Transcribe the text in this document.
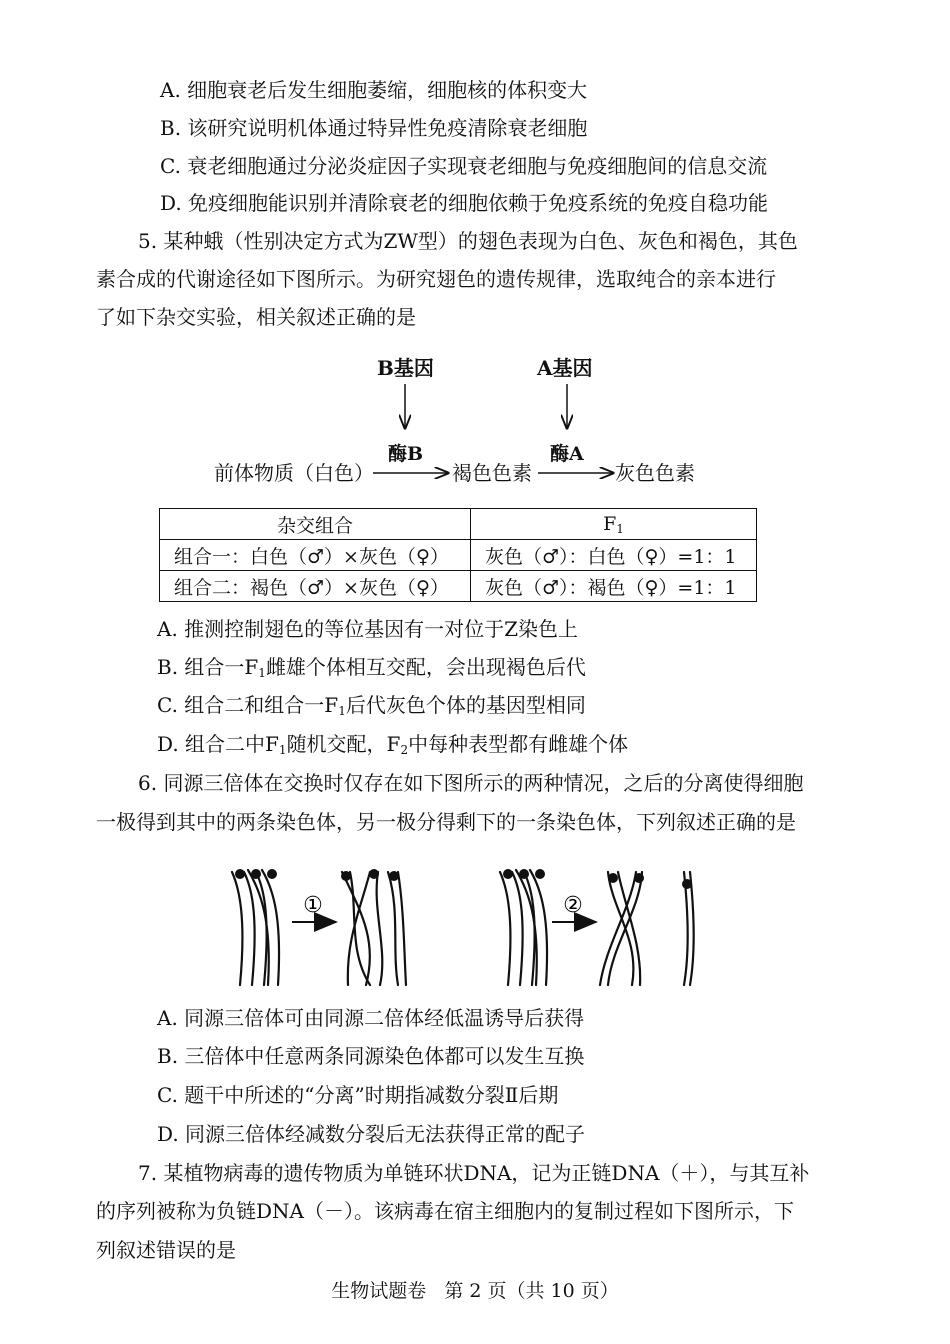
A. 细胞衰老后发生细胞萎缩，细胞核的体积变大
B. 该研究说明机体通过特异性免疫清除衰老细胞
C. 衰老细胞通过分泌炎症因子实现衰老细胞与免疫细胞间的信息交流
D. 免疫细胞能识别并清除衰老的细胞依赖于免疫系统的免疫自稳功能
5. 某种蛾（性别决定方式为ZW型）的翅色表现为白色、灰色和褐色，其色
素合成的代谢途径如下图所示。为研究翅色的遗传规律，选取纯合的亲本进行
了如下杂交实验，相关叙述正确的是
B基因	A基因
酶B	酶A
前体物质（白色）	褐色色素	灰色色素
杂交组合	$F_1$
组合一：白色（♂）×灰色（♀）	灰色（♂）：白色（♀）=1：1
组合二：褐色（♂）×灰色（♀）	灰色（♂）：褐色（♀）=1：1
A. 推测控制翅色的等位基因有一对位于Z染色上
B. 组合一$F_1$雌雄个体相互交配，会出现褐色后代
C. 组合二和组合一$F_1$后代灰色个体的基因型相同
D. 组合二中$F_1$随机交配，$F_2$中每种表型都有雌雄个体
6. 同源三倍体在交换时仅存在如下图所示的两种情况，之后的分离使得细胞
一极得到其中的两条染色体，另一极分得剩下的一条染色体，下列叙述正确的是
①	②
A. 同源三倍体可由同源二倍体经低温诱导后获得
B. 三倍体中任意两条同源染色体都可以发生互换
C. 题干中所述的“分离”时期指减数分裂Ⅱ后期
D. 同源三倍体经减数分裂后无法获得正常的配子
7. 某植物病毒的遗传物质为单链环状DNA，记为正链DNA（＋），与其互补
的序列被称为负链DNA（－）。该病毒在宿主细胞内的复制过程如下图所示，下
列叙述错误的是
生物试题卷 第 2 页（共 10 页）
